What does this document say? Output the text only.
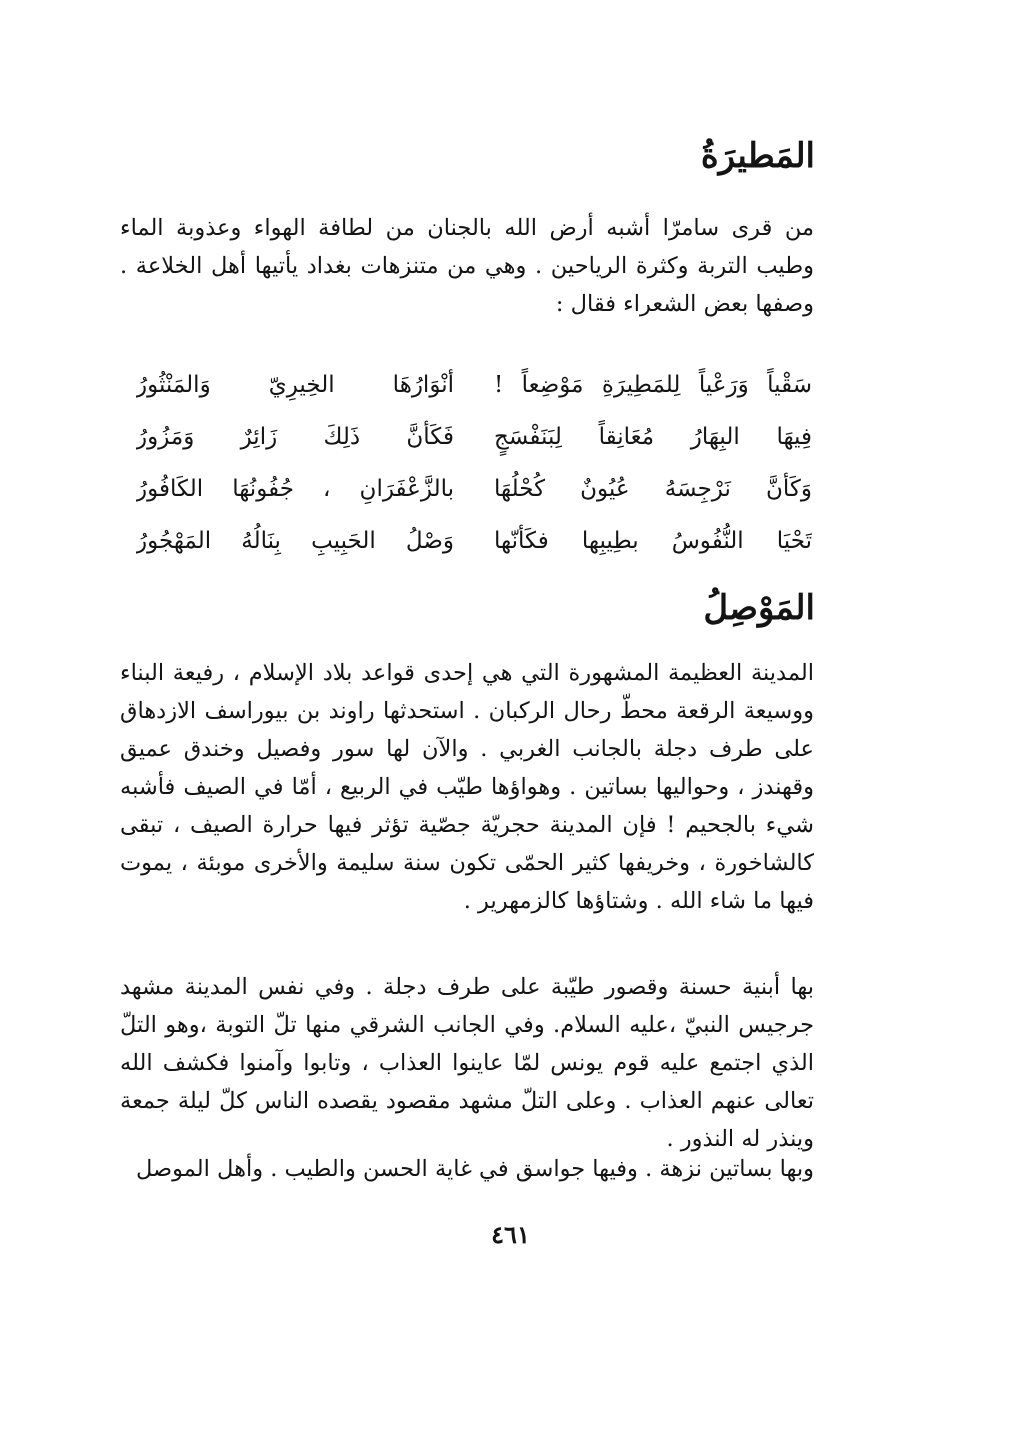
المَطيرَةُ

من قرى سامرّا أشبه أرض الله بالجنان من لطافة الهواء وعذوبة الماء وطيب التربة وكثرة الرياحين . وهي من متنزهات بغداد يأتيها أهل الخلاعة . وصفها بعض الشعراء فقال :

سَقْياً وَرَعْياً لِلمَطِيرَةِ مَوْضِعاً !
أنْوَارُهَا الخِيرِيّ وَالمَنْثُورُ
فِيهَا البِهَارُ مُعَانِقاً لِبَنَفْسَجٍ
فَكَأنَّ ذَلِكَ زَائِرٌ وَمَزُورُ
وَكَأنَّ نَرْجِسَهُ عُيُونٌ كُحْلُهَا
بالزَّعْفَرَانِ ، جُفُونُهَا الكَافُورُ
تَحْيَا النُّفُوسُ بطِيبِها فكَأنّها
وَصْلُ الحَبِيبِ بِنَالُهُ المَهْجُورُ
المَوْصِلُ

المدينة العظيمة المشهورة التي هي إحدى قواعد بلاد الإسلام ، رفيعة البناء ووسيعة الرقعة محطّ رحال الركبان . استحدثها راوند بن بيوراسف الازدهاق على طرف دجلة بالجانب الغربي . والآن لها سور وفصيل وخندق عميق وقهندز ، وحواليها بساتين . وهواؤها طيّب في الربيع ، أمّا في الصيف فأشبه شيء بالجحيم ! فإن المدينة حجريّة جصّية تؤثر فيها حرارة الصيف ، تبقى كالشاخورة ، وخريفها كثير الحمّى تكون سنة سليمة والأخرى موبئة ، يموت فيها ما شاء الله . وشتاؤها كالزمهرير .

بها أبنية حسنة وقصور طيّبة على طرف دجلة . وفي نفس المدينة مشهد جرجيس النبيّ ،عليه السلام. وفي الجانب الشرقي منها تلّ التوبة ،وهو التلّ الذي اجتمع عليه قوم يونس لمّا عاينوا العذاب ، وتابوا وآمنوا فكشف الله تعالى عنهم العذاب . وعلى التلّ مشهد مقصود يقصده الناس كلّ ليلة جمعة وينذر له النذور .

وبها بساتين نزهة . وفيها جواسق في غاية الحسن والطيب . وأهل الموصل

٤٦١
